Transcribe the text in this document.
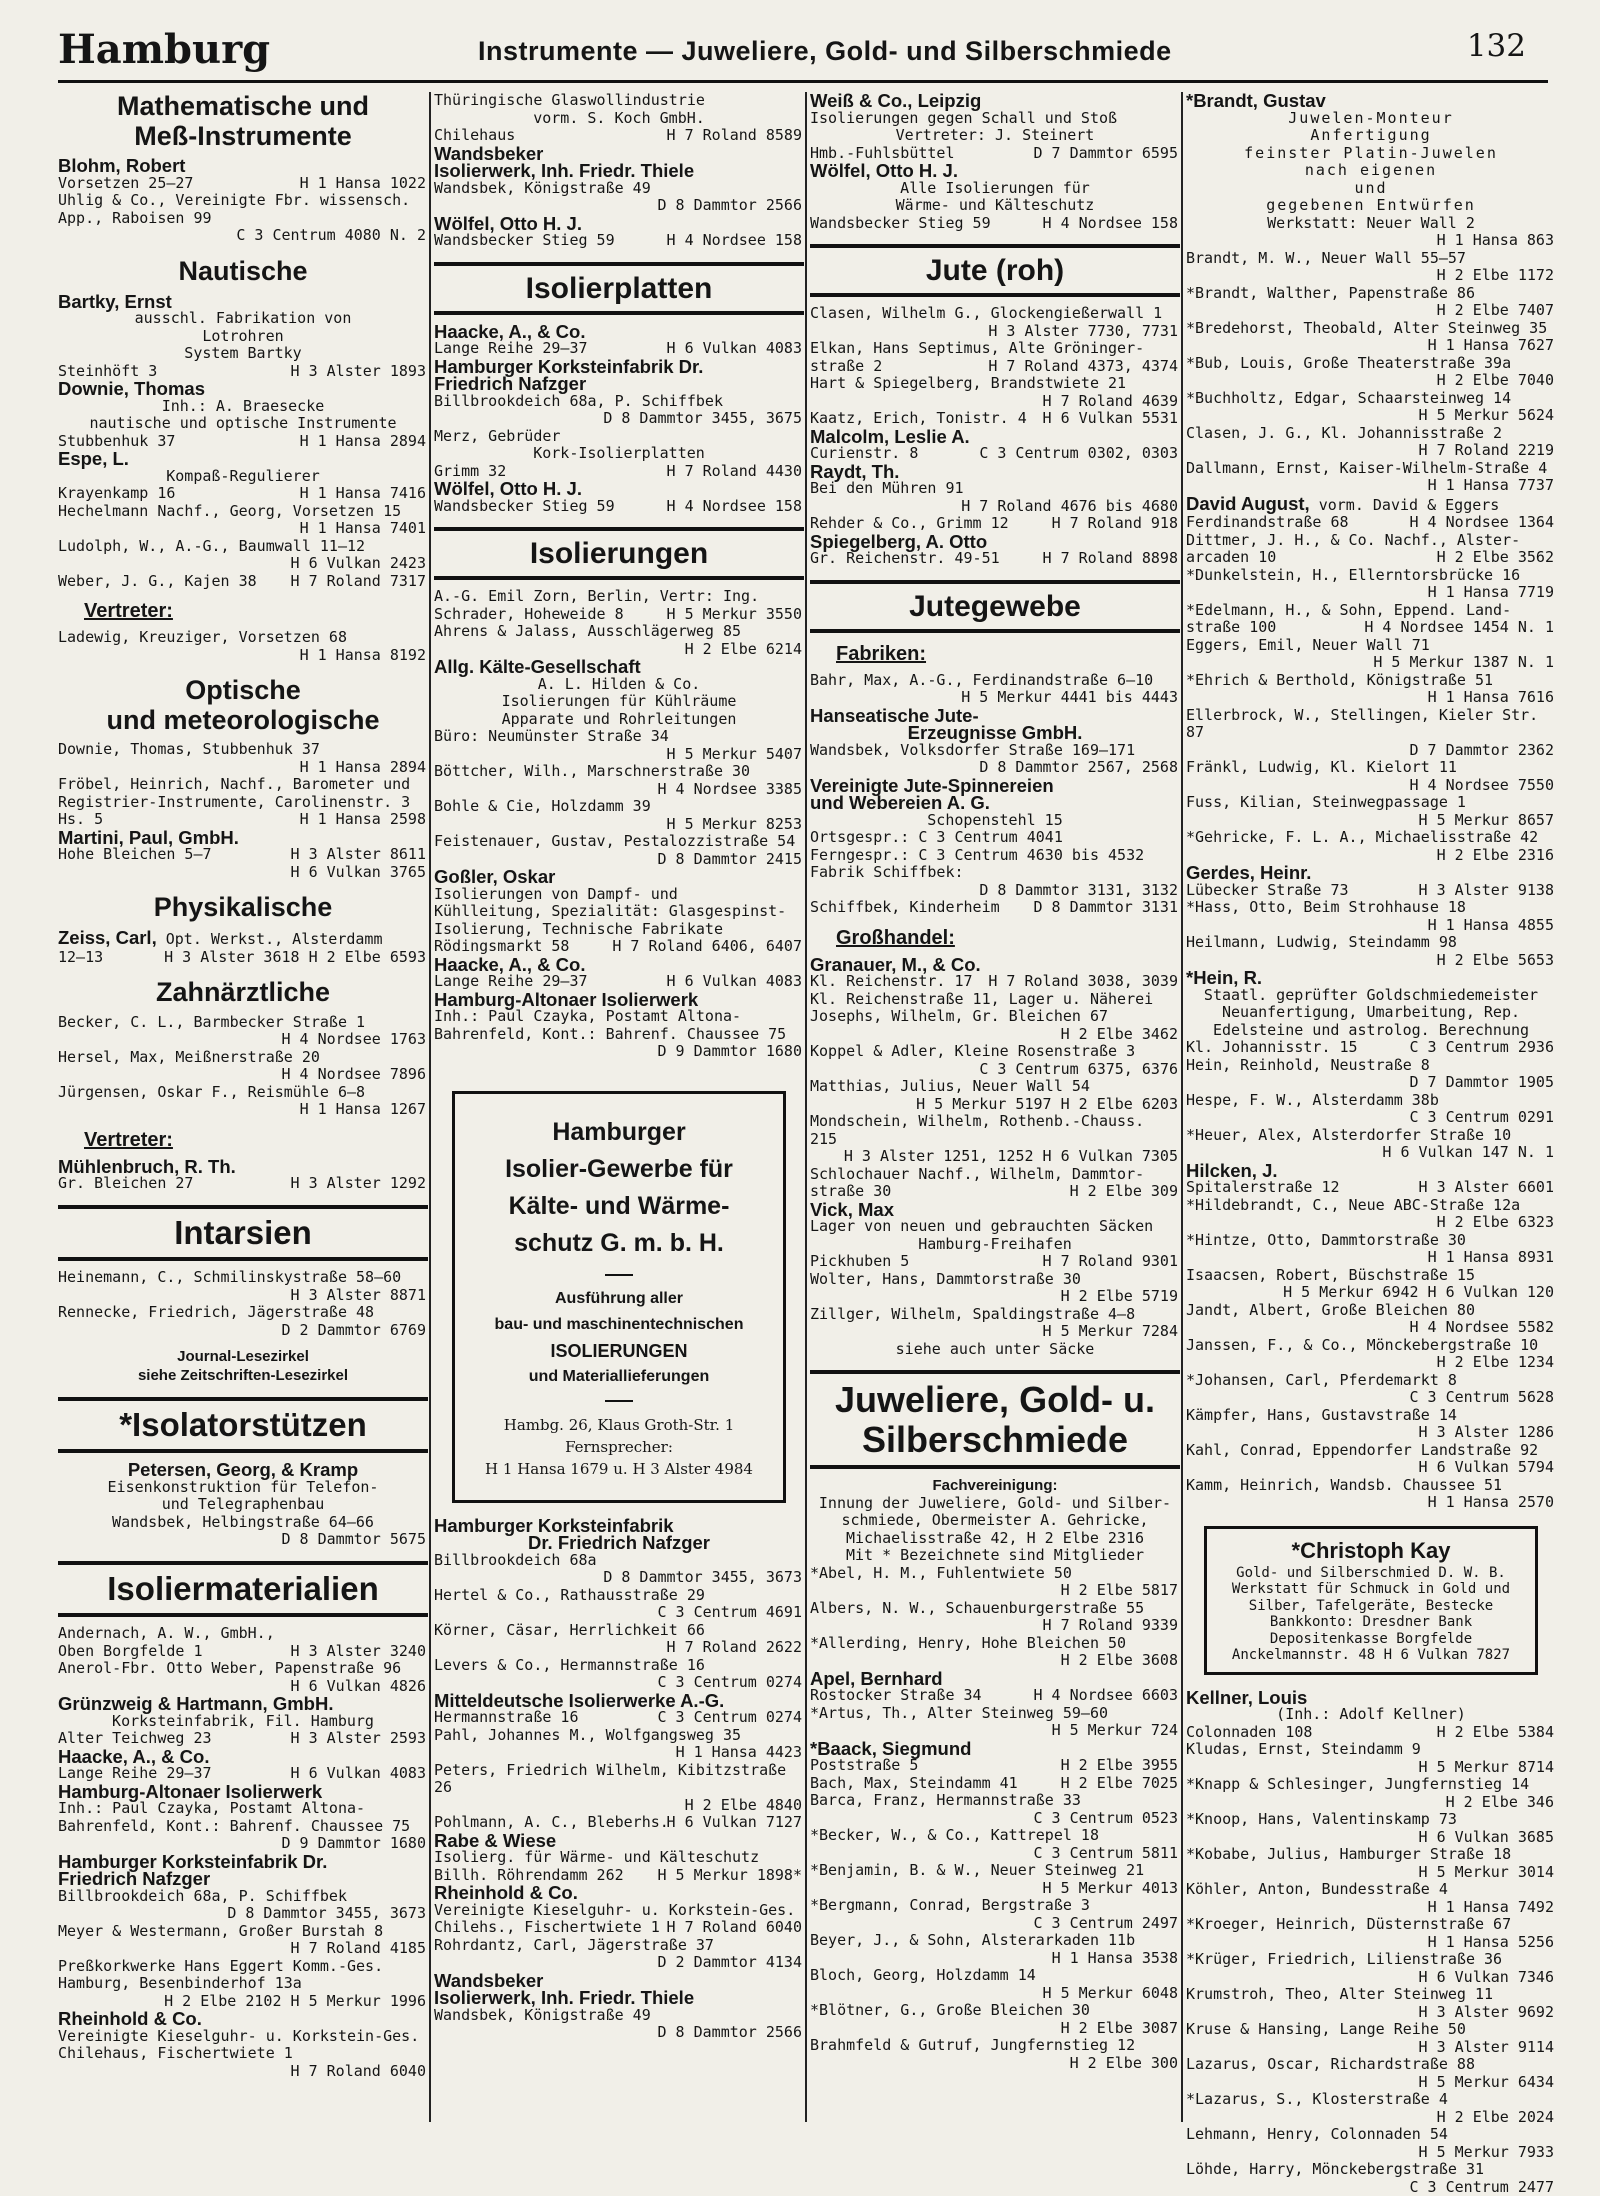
Hamburg	Instrumente — Juweliere, Gold- und Silberschmiede	132
Mathematische und
Meß-Instrumente
Blohm, Robert
Vorsetzen 25—27	H 1 Hansa 1022
Uhlig & Co., Vereinigte Fbr. wissensch.
App., Raboisen 99
C 3 Centrum 4080 N. 2
Nautische
Bartky, Ernst
ausschl. Fabrikation von
Lotrohren
System Bartky
Steinhöft 3	H 3 Alster 1893
Downie, Thomas
Inh.: A. Braesecke
nautische und optische Instrumente
Stubbenhuk 37	H 1 Hansa 2894
Espe, L.
Kompaß-Regulierer
Krayenkamp 16	H 1 Hansa 7416
Hechelmann Nachf., Georg, Vorsetzen 15
H 1 Hansa 7401
Ludolph, W., A.-G., Baumwall 11—12
H 6 Vulkan 2423
Weber, J. G., Kajen 38	H 7 Roland 7317
Vertreter:
Ladewig, Kreuziger, Vorsetzen 68
H 1 Hansa 8192
Optische
und meteorologische
Downie, Thomas, Stubbenhuk 37
H 1 Hansa 2894
Fröbel, Heinrich, Nachf., Barometer und
Registrier-Instrumente, Carolinenstr. 3
Hs. 5	H 1 Hansa 2598
Martini, Paul, GmbH.
Hohe Bleichen 5—7	H 3 Alster 8611
H 6 Vulkan 3765
Physikalische
Zeiss, Carl, Opt. Werkst., Alsterdamm
12—13	H 3 Alster 3618 H 2 Elbe 6593
Zahnärztliche
Becker, C. L., Barmbecker Straße 1
H 4 Nordsee 1763
Hersel, Max, Meißnerstraße 20
H 4 Nordsee 7896
Jürgensen, Oskar F., Reismühle 6—8
H 1 Hansa 1267
Vertreter:
Mühlenbruch, R. Th.
Gr. Bleichen 27	H 3 Alster 1292
Intarsien
Heinemann, C., Schmilinskystraße 58—60
H 3 Alster 8871
Rennecke, Friedrich, Jägerstraße 48
D 2 Dammtor 6769
Journal-Lesezirkel
siehe Zeitschriften-Lesezirkel
*Isolatorstützen
Petersen, Georg, & Kramp
Eisenkonstruktion für Telefon-
und Telegraphenbau
Wandsbek, Helbingstraße 64—66
D 8 Dammtor 5675
Isoliermaterialien
Andernach, A. W., GmbH.,
Oben Borgfelde 1	H 3 Alster 3240
Anerol-Fbr. Otto Weber, Papenstraße 96
H 6 Vulkan 4826
Grünzweig & Hartmann, GmbH.
Korksteinfabrik, Fil. Hamburg
Alter Teichweg 23	H 3 Alster 2593
Haacke, A., & Co.
Lange Reihe 29—37	H 6 Vulkan 4083
Hamburg-Altonaer Isolierwerk
Inh.: Paul Czayka, Postamt Altona-
Bahrenfeld, Kont.: Bahrenf. Chaussee 75
D 9 Dammtor 1680
Hamburger Korksteinfabrik Dr.
Friedrich Nafzger
Billbrookdeich 68a, P. Schiffbek
D 8 Dammtor 3455, 3673
Meyer & Westermann, Großer Burstah 8
H 7 Roland 4185
Preßkorkwerke Hans Eggert Komm.-Ges.
Hamburg, Besenbinderhof 13a
H 2 Elbe 2102 H 5 Merkur 1996
Rheinhold & Co.
Vereinigte Kieselguhr- u. Korkstein-Ges.
Chilehaus, Fischertwiete 1
H 7 Roland 6040
Thüringische Glaswollindustrie
vorm. S. Koch GmbH.
Chilehaus	H 7 Roland 8589
Wandsbeker
Isolierwerk, Inh. Friedr. Thiele
Wandsbek, Königstraße 49
D 8 Dammtor 2566
Wölfel, Otto H. J.
Wandsbecker Stieg 59	H 4 Nordsee 158
Isolierplatten
Haacke, A., & Co.
Lange Reihe 29—37	H 6 Vulkan 4083
Hamburger Korksteinfabrik Dr.
Friedrich Nafzger
Billbrookdeich 68a, P. Schiffbek
D 8 Dammtor 3455, 3675
Merz, Gebrüder
Kork-Isolierplatten
Grimm 32	H 7 Roland 4430
Wölfel, Otto H. J.
Wandsbecker Stieg 59	H 4 Nordsee 158
Isolierungen
A.-G. Emil Zorn, Berlin, Vertr: Ing.
Schrader, Hoheweide 8	H 5 Merkur 3550
Ahrens & Jalass, Ausschlägerweg 85
H 2 Elbe 6214
Allg. Kälte-Gesellschaft
A. L. Hilden & Co.
Isolierungen für Kühlräume
Apparate und Rohrleitungen
Büro: Neumünster Straße 34
H 5 Merkur 5407
Böttcher, Wilh., Marschnerstraße 30
H 4 Nordsee 3385
Bohle & Cie, Holzdamm 39
H 5 Merkur 8253
Feistenauer, Gustav, Pestalozzistraße 54
D 8 Dammtor 2415
Goßler, Oskar
Isolierungen von Dampf- und
Kühlleitung, Spezialität: Glasgespinst-
Isolierung, Technische Fabrikate
Rödingsmarkt 58	H 7 Roland 6406, 6407
Haacke, A., & Co.
Lange Reihe 29—37	H 6 Vulkan 4083
Hamburg-Altonaer Isolierwerk
Inh.: Paul Czayka, Postamt Altona-
Bahrenfeld, Kont.: Bahrenf. Chaussee 75
D 9 Dammtor 1680
Hamburger
Isolier-Gewerbe für
Kälte- und Wärme-
schutz G. m. b. H.
Ausführung aller
bau- und maschinentechnischen
ISOLIERUNGEN
und Materiallieferungen
Hambg. 26, Klaus Groth-Str. 1
Fernsprecher:
H 1 Hansa 1679 u. H 3 Alster 4984
Hamburger Korksteinfabrik
Dr. Friedrich Nafzger
Billbrookdeich 68a
D 8 Dammtor 3455, 3673
Hertel & Co., Rathausstraße 29
C 3 Centrum 4691
Körner, Cäsar, Herrlichkeit 66
H 7 Roland 2622
Levers & Co., Hermannstraße 16
C 3 Centrum 0274
Mitteldeutsche Isolierwerke A.-G.
Hermannstraße 16	C 3 Centrum 0274
Pahl, Johannes M., Wolfgangsweg 35
H 1 Hansa 4423
Peters, Friedrich Wilhelm, Kibitzstraße 26
H 2 Elbe 4840
Pohlmann, A. C., Bleberhs.
H 6 Vulkan 7127
Rabe & Wiese
Isolierg. für Wärme- und Kälteschutz
Billh. Röhrendamm 262	H 5 Merkur 1898*
Rheinhold & Co.
Vereinigte Kieselguhr- u. Korkstein-Ges.
Chilehs., Fischertwiete 1 H 7 Roland 6040
Rohrdantz, Carl, Jägerstraße 37
D 2 Dammtor 4134
Wandsbeker
Isolierwerk, Inh. Friedr. Thiele
Wandsbek, Königstraße 49
D 8 Dammtor 2566
Weiß & Co., Leipzig
Isolierungen gegen Schall und Stoß
Vertreter: J. Steinert
Hmb.-Fuhlsbüttel	D 7 Dammtor 6595
Wölfel, Otto H. J.
Alle Isolierungen für
Wärme- und Kälteschutz
Wandsbecker Stieg 59	H 4 Nordsee 158
Jute (roh)
Clasen, Wilhelm G., Glockengießerwall 1
H 3 Alster 7730, 7731
Elkan, Hans Septimus, Alte Gröninger-
straße 2	H 7 Roland 4373, 4374
Hart & Spiegelberg, Brandstwiete 21
H 7 Roland 4639
Kaatz, Erich, Tonistr. 4	H 6 Vulkan 5531
Malcolm, Leslie A.
Curienstr. 8	C 3 Centrum 0302, 0303
Raydt, Th.
Bei den Mühren 91
H 7 Roland 4676 bis 4680
Rehder & Co., Grimm 12	H 7 Roland 918
Spiegelberg, A. Otto
Gr. Reichenstr. 49-51	H 7 Roland 8898
Jutegewebe
Fabriken:
Bahr, Max, A.-G., Ferdinandstraße 6—10
H 5 Merkur 4441 bis 4443
Hanseatische Jute-
Erzeugnisse GmbH.
Wandsbek, Volksdorfer Straße 169—171
D 8 Dammtor 2567, 2568
Vereinigte Jute-Spinnereien
und Webereien A. G.
Schopenstehl 15
Ortsgespr.: C 3 Centrum 4041
Ferngespr.: C 3 Centrum 4630 bis 4532
Fabrik Schiffbek:
D 8 Dammtor 3131, 3132
Schiffbek, Kinderheim	D 8 Dammtor 3131
Großhandel:
Granauer, M., & Co.
Kl. Reichenstr. 17	H 7 Roland 3038, 3039
Kl. Reichenstraße 11, Lager u. Näherei
Josephs, Wilhelm, Gr. Bleichen 67
H 2 Elbe 3462
Koppel & Adler, Kleine Rosenstraße 3
C 3 Centrum 6375, 6376
Matthias, Julius, Neuer Wall 54
H 5 Merkur 5197 H 2 Elbe 6203
Mondschein, Wilhelm, Rothenb.-Chauss. 215
H 3 Alster 1251, 1252 H 6 Vulkan 7305
Schlochauer Nachf., Wilhelm, Dammtor-
straße 30	H 2 Elbe 309
Vick, Max
Lager von neuen und gebrauchten Säcken
Hamburg-Freihafen
Pickhuben 5	H 7 Roland 9301
Wolter, Hans, Dammtorstraße 30
H 2 Elbe 5719
Zillger, Wilhelm, Spaldingstraße 4—8
H 5 Merkur 7284
siehe auch unter Säcke
Juweliere, Gold- u.
Silberschmiede
Fachvereinigung:
Innung der Juweliere, Gold- und Silber-
schmiede, Obermeister A. Gehricke,
Michaelisstraße 42, H 2 Elbe 2316
Mit * Bezeichnete sind Mitglieder
*Abel, H. M., Fuhlentwiete 50
H 2 Elbe 5817
Albers, N. W., Schauenburgerstraße 55
H 7 Roland 9339
*Allerding, Henry, Hohe Bleichen 50
H 2 Elbe 3608
Apel, Bernhard
Rostocker Straße 34	H 4 Nordsee 6603
*Artus, Th., Alter Steinweg 59—60
H 5 Merkur 724
*Baack, Siegmund
Poststraße 5	H 2 Elbe 3955
Bach, Max, Steindamm 41	H 2 Elbe 7025
Barca, Franz, Hermannstraße 33
C 3 Centrum 0523
*Becker, W., & Co., Kattrepel 18
C 3 Centrum 5811
*Benjamin, B. & W., Neuer Steinweg 21
H 5 Merkur 4013
*Bergmann, Conrad, Bergstraße 3
C 3 Centrum 2497
Beyer, J., & Sohn, Alsterarkaden 11b
H 1 Hansa 3538
Bloch, Georg, Holzdamm 14
H 5 Merkur 6048
*Blötner, G., Große Bleichen 30
H 2 Elbe 3087
Brahmfeld & Gutruf, Jungfernstieg 12
H 2 Elbe 300
*Brandt, Gustav
Juwelen-Monteur
Anfertigung
feinster Platin-Juwelen
nach eigenen
und
gegebenen Entwürfen
Werkstatt: Neuer Wall 2
H 1 Hansa 863
Brandt, M. W., Neuer Wall 55—57
H 2 Elbe 1172
*Brandt, Walther, Papenstraße 86
H 2 Elbe 7407
*Bredehorst, Theobald, Alter Steinweg 35
H 1 Hansa 7627
*Bub, Louis, Große Theaterstraße 39a
H 2 Elbe 7040
*Buchholtz, Edgar, Schaarsteinweg 14
H 5 Merkur 5624
Clasen, J. G., Kl. Johannisstraße 2
H 7 Roland 2219
Dallmann, Ernst, Kaiser-Wilhelm-Straße 4
H 1 Hansa 7737
David August, vorm. David & Eggers
Ferdinandstraße 68	H 4 Nordsee 1364
Dittmer, J. H., & Co. Nachf., Alster-
arcaden 10	H 2 Elbe 3562
*Dunkelstein, H., Ellerntorsbrücke 16
H 1 Hansa 7719
*Edelmann, H., & Sohn, Eppend. Land-
straße 100	H 4 Nordsee 1454 N. 1
Eggers, Emil, Neuer Wall 71
H 5 Merkur 1387 N. 1
*Ehrich & Berthold, Königstraße 51
H 1 Hansa 7616
Ellerbrock, W., Stellingen, Kieler Str. 87
D 7 Dammtor 2362
Fränkl, Ludwig, Kl. Kielort 11
H 4 Nordsee 7550
Fuss, Kilian, Steinwegpassage 1
H 5 Merkur 8657
*Gehricke, F. L. A., Michaelisstraße 42
H 2 Elbe 2316
Gerdes, Heinr.
Lübecker Straße 73	H 3 Alster 9138
*Hass, Otto, Beim Strohhause 18
H 1 Hansa 4855
Heilmann, Ludwig, Steindamm 98
H 2 Elbe 5653
*Hein, R.
Staatl. geprüfter Goldschmiedemeister
Neuanfertigung, Umarbeitung, Rep.
Edelsteine und astrolog. Berechnung
Kl. Johannisstr. 15	C 3 Centrum 2936
Hein, Reinhold, Neustraße 8
D 7 Dammtor 1905
Hespe, F. W., Alsterdamm 38b
C 3 Centrum 0291
*Heuer, Alex, Alsterdorfer Straße 10
H 6 Vulkan 147 N. 1
Hilcken, J.
Spitalerstraße 12	H 3 Alster 6601
*Hildebrandt, C., Neue ABC-Straße 12a
H 2 Elbe 6323
*Hintze, Otto, Dammtorstraße 30
H 1 Hansa 8931
Isaacsen, Robert, Büschstraße 15
H 5 Merkur 6942 H 6 Vulkan 120
Jandt, Albert, Große Bleichen 80
H 4 Nordsee 5582
Janssen, F., & Co., Mönckebergstraße 10
H 2 Elbe 1234
*Johansen, Carl, Pferdemarkt 8
C 3 Centrum 5628
Kämpfer, Hans, Gustavstraße 14
H 3 Alster 1286
Kahl, Conrad, Eppendorfer Landstraße 92
H 6 Vulkan 5794
Kamm, Heinrich, Wandsb. Chaussee 51
H 1 Hansa 2570
*Christoph Kay
Gold- und Silberschmied D. W. B.
Werkstatt für Schmuck in Gold und
Silber, Tafelgeräte, Bestecke
Bankkonto: Dresdner Bank
Depositenkasse Borgfelde
Anckelmannstr. 48 H 6 Vulkan 7827
Kellner, Louis
(Inh.: Adolf Kellner)
Colonnaden 108	H 2 Elbe 5384
Kludas, Ernst, Steindamm 9
H 5 Merkur 8714
*Knapp & Schlesinger, Jungfernstieg 14
H 2 Elbe 346
*Knoop, Hans, Valentinskamp 73
H 6 Vulkan 3685
*Kobabe, Julius, Hamburger Straße 18
H 5 Merkur 3014
Köhler, Anton, Bundesstraße 4
H 1 Hansa 7492
*Kroeger, Heinrich, Düsternstraße 67
H 1 Hansa 5256
*Krüger, Friedrich, Lilienstraße 36
H 6 Vulkan 7346
Krumstroh, Theo, Alter Steinweg 11
H 3 Alster 9692
Kruse & Hansing, Lange Reihe 50
H 3 Alster 9114
Lazarus, Oscar, Richardstraße 88
H 5 Merkur 6434
*Lazarus, S., Klosterstraße 4
H 2 Elbe 2024
Lehmann, Henry, Colonnaden 54
H 5 Merkur 7933
Löhde, Harry, Mönckebergstraße 31
C 3 Centrum 2477
